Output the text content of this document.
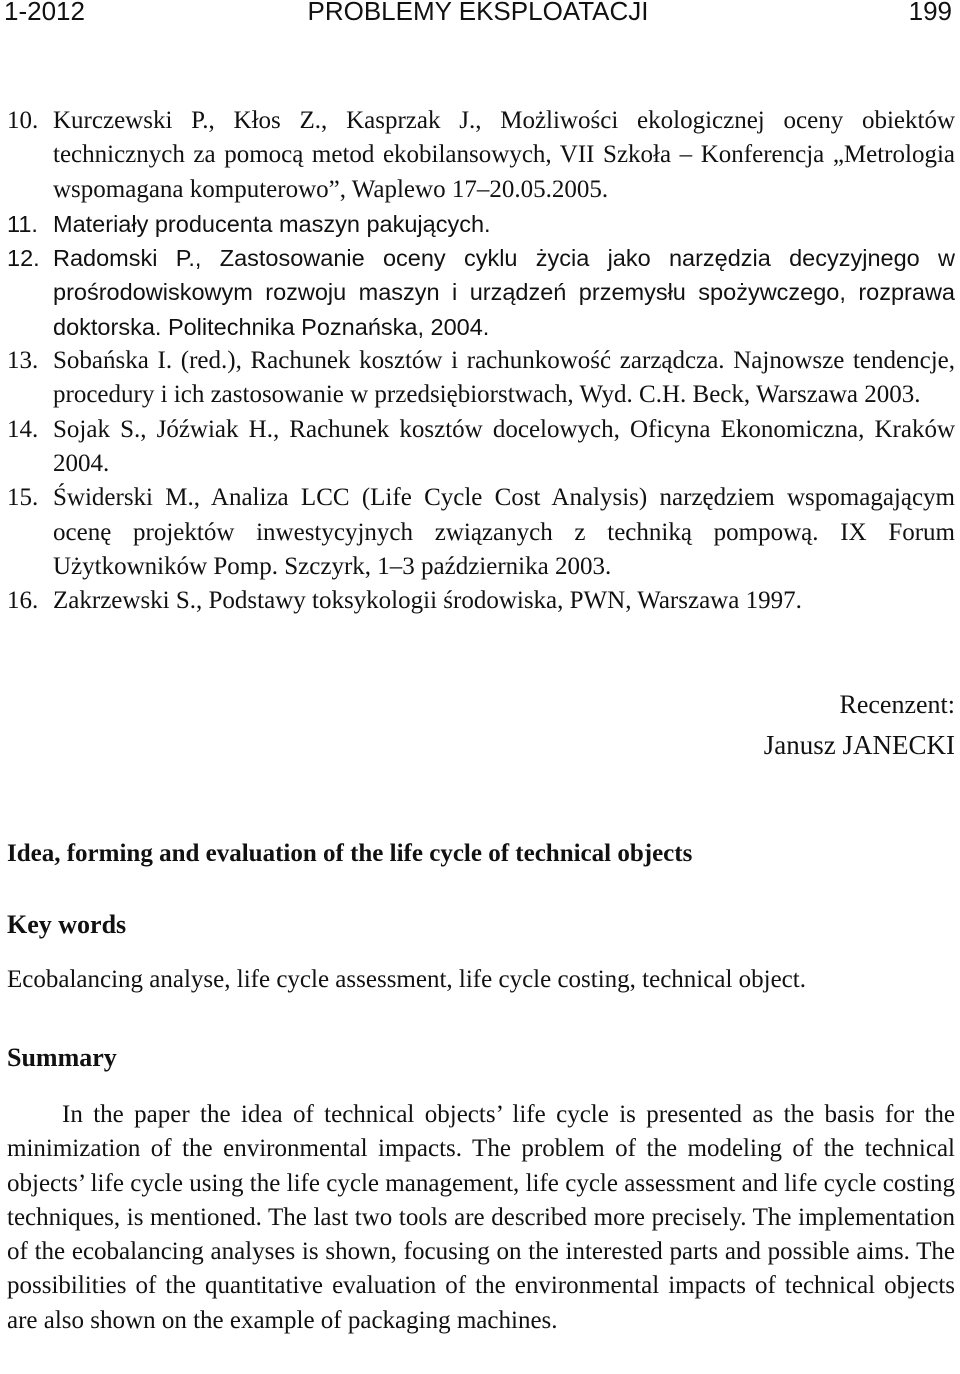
1-2012	PROBLEMY EKSPLOATACJI	199
10. Kurczewski P., Kłos Z., Kasprzak J., Możliwości ekologicznej oceny obiektów technicznych za pomocą metod ekobilansowych, VII Szkoła – Konferencja „Metrologia wspomagana komputerowo”, Waplewo 17–20.05.2005.
11. Materiały producenta maszyn pakujących.
12. Radomski P., Zastosowanie oceny cyklu życia jako narzędzia decyzyjnego w prośrodowiskowym rozwoju maszyn i urządzeń przemysłu spożywczego, rozprawa doktorska. Politechnika Poznańska, 2004.
13. Sobańska I. (red.), Rachunek kosztów i rachunkowość zarządcza. Najnowsze tendencje, procedury i ich zastosowanie w przedsiębiorstwach, Wyd. C.H. Beck, Warszawa 2003.
14. Sojak S., Jóźwiak H., Rachunek kosztów docelowych, Oficyna Ekonomiczna, Kraków 2004.
15. Świderski M., Analiza LCC (Life Cycle Cost Analysis) narzędziem wspomagającym ocenę projektów inwestycyjnych związanych z techniką pompową. IX Forum Użytkowników Pomp. Szczyrk, 1–3 października 2003.
16. Zakrzewski S., Podstawy toksykologii środowiska, PWN, Warszawa 1997.
Recenzent:
Janusz JANECKI
Idea, forming and evaluation of the life cycle of technical objects
Key words
Ecobalancing analyse, life cycle assessment, life cycle costing, technical object.
Summary
In the paper the idea of technical objects’ life cycle is presented as the basis for the minimization of the environmental impacts. The problem of the modeling of the technical objects’ life cycle using the life cycle management, life cycle assessment and life cycle costing techniques, is mentioned. The last two tools are described more precisely. The implementation of the ecobalancing analyses is shown, focusing on the interested parts and possible aims. The possibilities of the quantitative evaluation of the environmental impacts of technical objects are also shown on the example of packaging machines.
